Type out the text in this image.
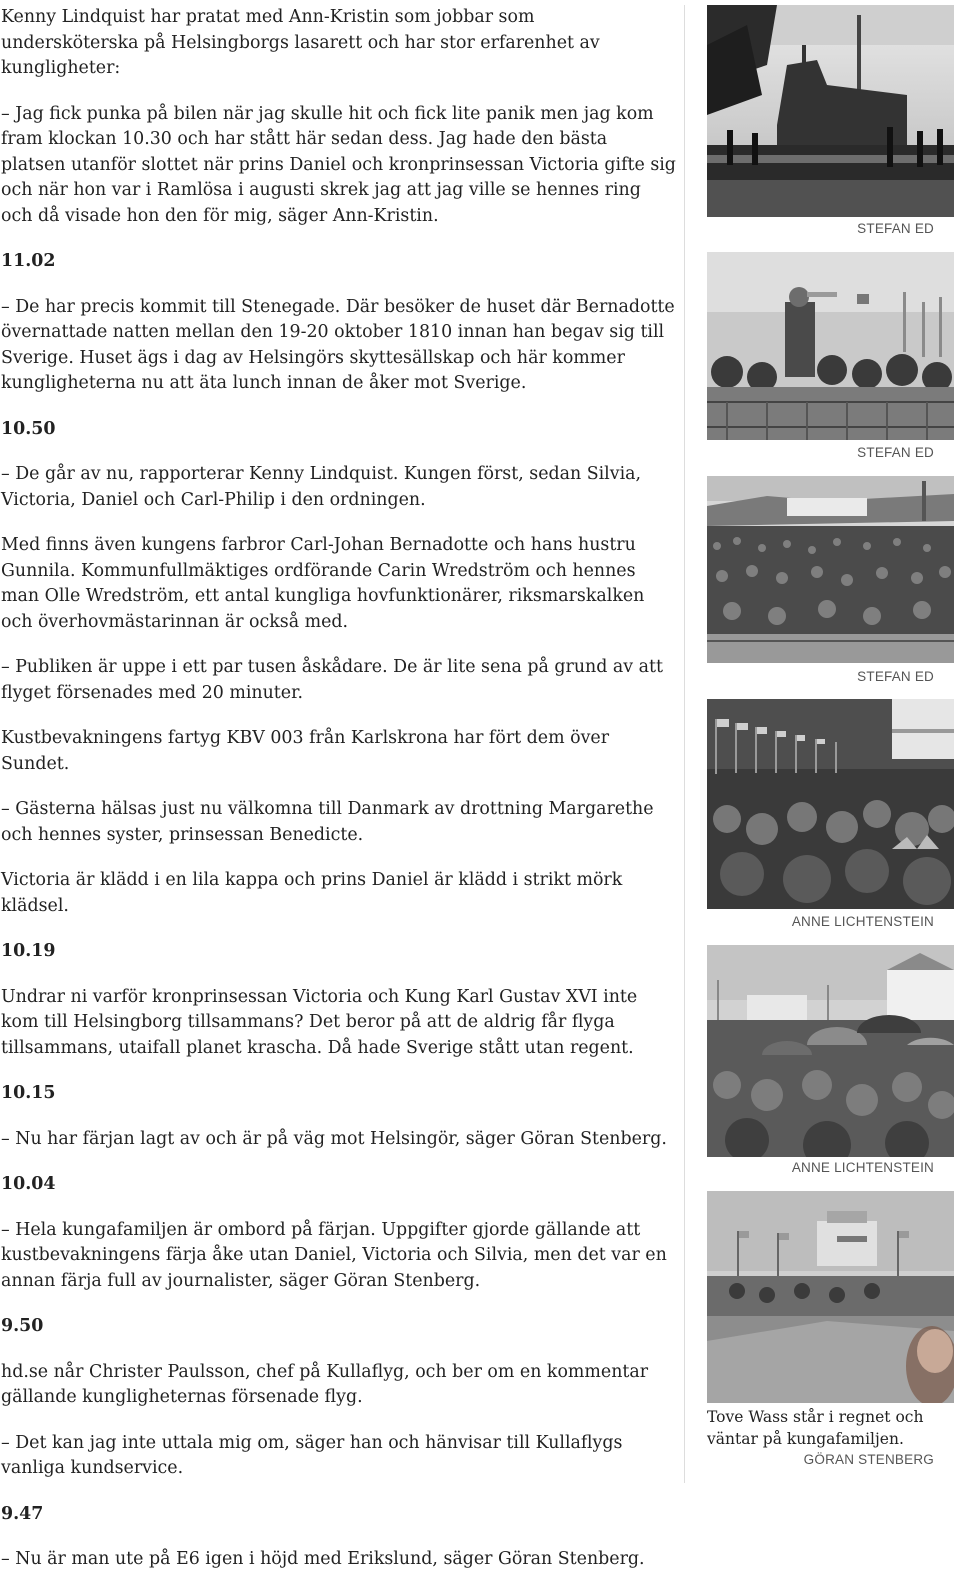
Kenny Lindquist har pratat med Ann-Kristin som jobbar som undersköterska på Helsingborgs lasarett och har stor erfarenhet av kungligheter:

– Jag fick punka på bilen när jag skulle hit och fick lite panik men jag kom fram klockan 10.30 och har stått här sedan dess. Jag hade den bästa platsen utanför slottet när prins Daniel och kronprinsessan Victoria gifte sig och när hon var i Ramlösa i augusti skrek jag att jag ville se hennes ring och då visade hon den för mig, säger Ann-Kristin.

11.02

– De har precis kommit till Stenegade. Där besöker de huset där Bernadotte övernattade natten mellan den 19-20 oktober 1810 innan han begav sig till Sverige. Huset ägs i dag av Helsingörs skyttesällskap och här kommer kungligheterna nu att äta lunch innan de åker mot Sverige.

10.50

– De går av nu, rapporterar Kenny Lindquist. Kungen först, sedan Silvia, Victoria, Daniel och Carl-Philip i den ordningen.

Med finns även kungens farbror Carl-Johan Bernadotte och hans hustru Gunnila. Kommunfullmäktiges ordförande Carin Wredström och hennes man Olle Wredström, ett antal kungliga hovfunktionärer, riksmarskalken och överhovmästarinnan är också med.

– Publiken är uppe i ett par tusen åskådare. De är lite sena på grund av att flyget försenades med 20 minuter.

Kustbevakningens fartyg KBV 003 från Karlskrona har fört dem över Sundet.

– Gästerna hälsas just nu välkomna till Danmark av drottning Margarethe och hennes syster, prinsessan Benedicte.

Victoria är klädd i en lila kappa och prins Daniel är klädd i strikt mörk klädsel.

10.19

Undrar ni varför kronprinsessan Victoria och Kung Karl Gustav XVI inte kom till Helsingborg tillsammans? Det beror på att de aldrig får flyga tillsammans, utaifall planet krascha. Då hade Sverige stått utan regent.

10.15

– Nu har färjan lagt av och är på väg mot Helsingör, säger Göran Stenberg.

10.04

– Hela kungafamiljen är ombord på färjan. Uppgifter gjorde gällande att kustbevakningens färja åke utan Daniel, Victoria och Silvia, men det var en annan färja full av journalister, säger Göran Stenberg.

9.50

hd.se når Christer Paulsson, chef på Kullaflyg, och ber om en kommentar gällande kungligheternas försenade flyg.

– Det kan jag inte uttala mig om, säger han och hänvisar till Kullaflygs vanliga kundservice.

9.47

– Nu är man ute på E6 igen i höjd med Erikslund, säger Göran Stenberg.

STEFAN ED
STEFAN ED
STEFAN ED
ANNE LICHTENSTEIN
ANNE LICHTENSTEIN
Tove Wass står i regnet och väntar på kungafamiljen.
GÖRAN STENBERG
